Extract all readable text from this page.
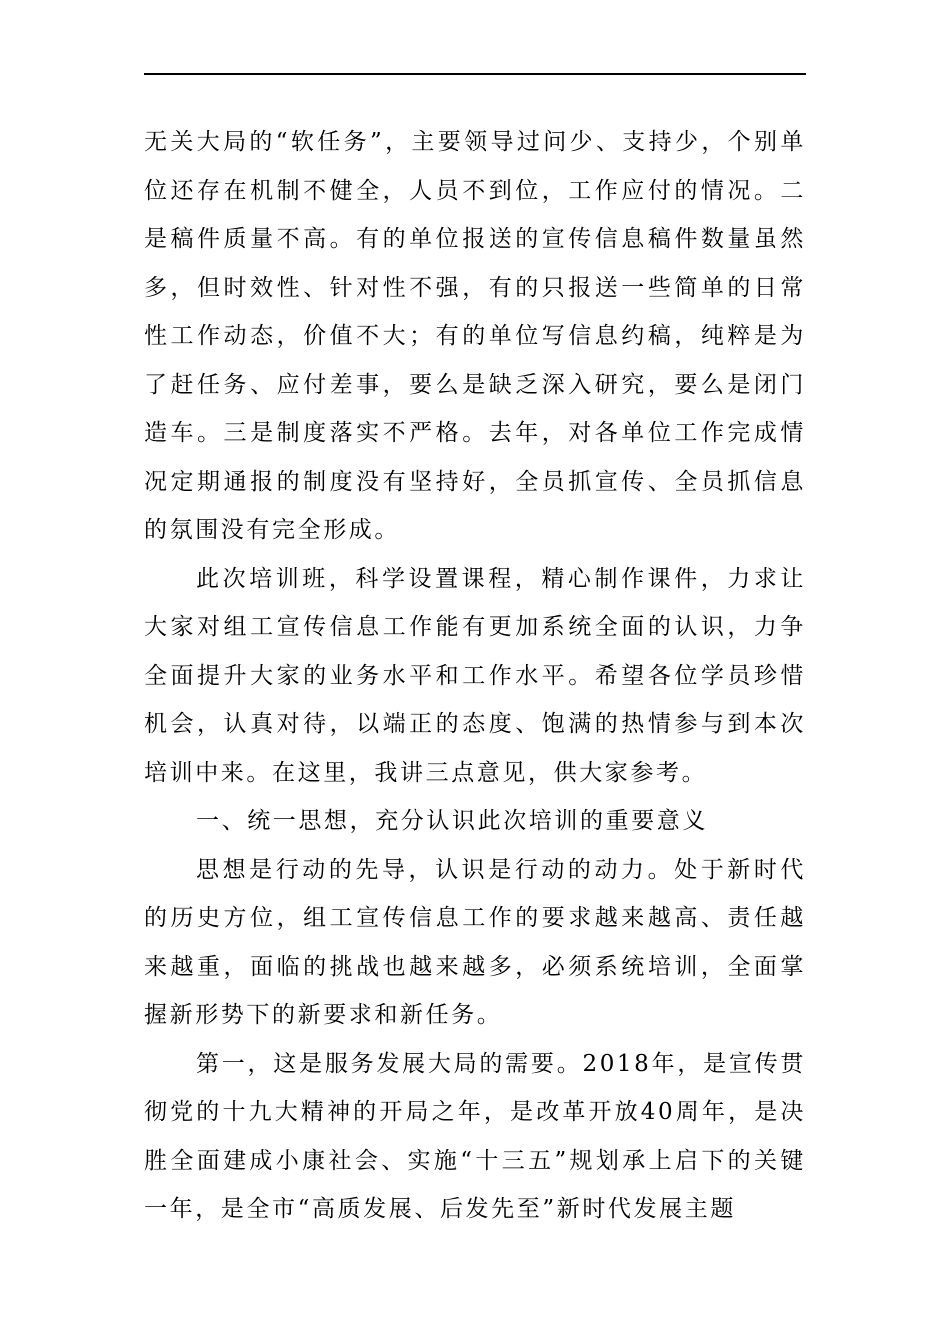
无关大局的“软任务”，主要领导过问少、支持少，个别单位还存在机制不健全，人员不到位，工作应付的情况。二是稿件质量不高。有的单位报送的宣传信息稿件数量虽然多，但时效性、针对性不强，有的只报送一些简单的日常性工作动态，价值不大；有的单位写信息约稿，纯粹是为了赶任务、应付差事，要么是缺乏深入研究，要么是闭门造车。三是制度落实不严格。去年，对各单位工作完成情况定期通报的制度没有坚持好，全员抓宣传、全员抓信息的氛围没有完全形成。

此次培训班，科学设置课程，精心制作课件，力求让大家对组工宣传信息工作能有更加系统全面的认识，力争全面提升大家的业务水平和工作水平。希望各位学员珍惜机会，认真对待，以端正的态度、饱满的热情参与到本次培训中来。在这里，我讲三点意见，供大家参考。

一、统一思想，充分认识此次培训的重要意义

思想是行动的先导，认识是行动的动力。处于新时代的历史方位，组工宣传信息工作的要求越来越高、责任越来越重，面临的挑战也越来越多，必须系统培训，全面掌握新形势下的新要求和新任务。

第一，这是服务发展大局的需要。2018年，是宣传贯彻党的十九大精神的开局之年，是改革开放40周年，是决胜全面建成小康社会、实施“十三五”规划承上启下的关键一年，是全市“高质发展、后发先至”新时代发展主题
